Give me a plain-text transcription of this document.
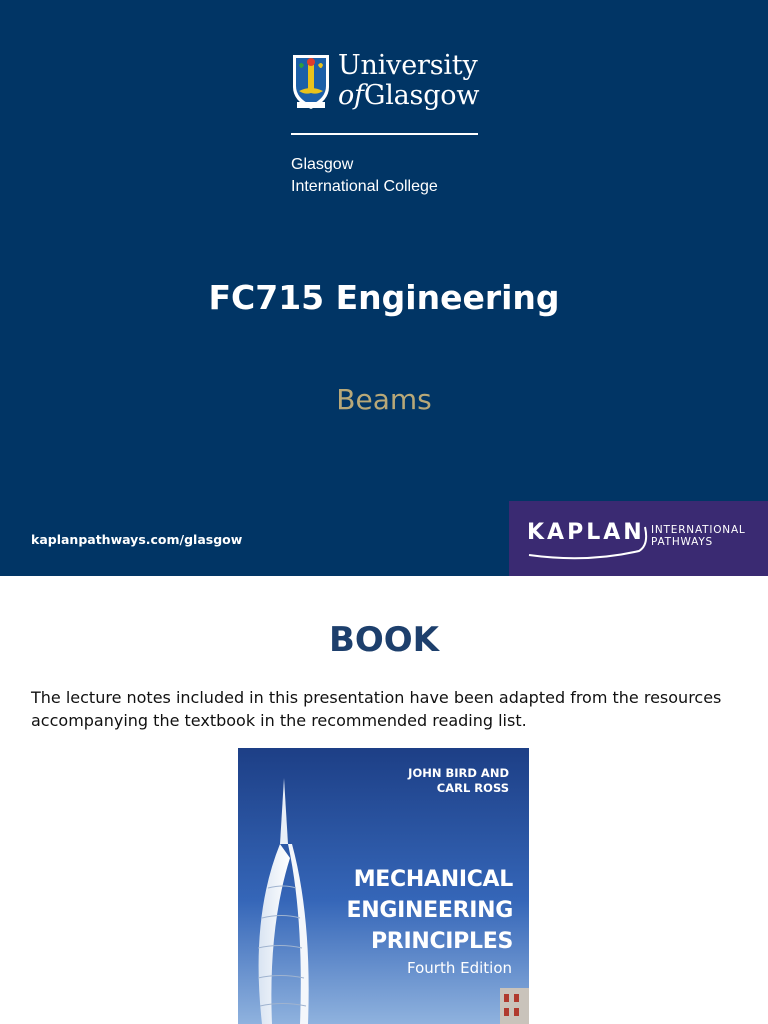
University
ofGlasgow
Glasgow
International College
FC715 Engineering
Beams
kaplanpathways.com/glasgow	KAPLAN INTERNATIONAL
PATHWAYS
BOOK
The lecture notes included in this presentation have been adapted from the resources accompanying the textbook in the recommended reading list.
JOHN BIRD AND
CARL ROSS
MECHANICAL
ENGINEERING
PRINCIPLES
Fourth Edition
